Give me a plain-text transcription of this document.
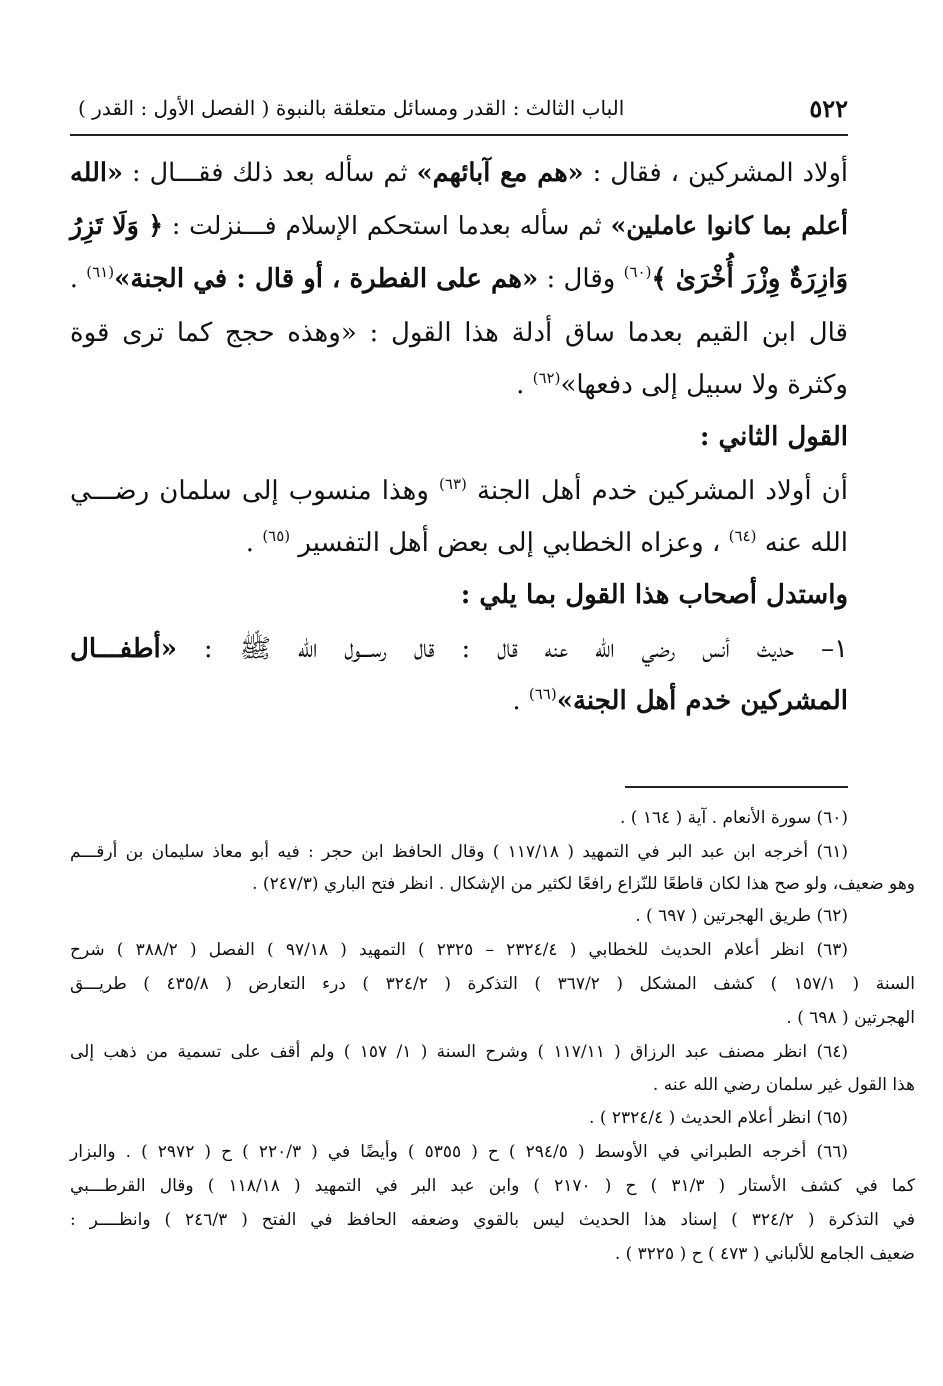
٥٢٢
الباب الثالث : القدر ومسائل متعلقة بالنبوة ( الفصل الأول : القدر )
أولاد المشركين ، فقال : «هم مع آبائهم» ثم سأله بعد ذلك فقـــال : «الله
أعلم بما كانوا عاملين» ثم سأله بعدما استحكم الإسلام فـــنزلت : ﴿ وَلَا تَزِرُ
وَازِرَةٌ وِزْرَ أُخْرَىٰ ﴾$^{(٦٠)}$ وقال : «هم على الفطرة ، أو قال : في الجنة»$^{(٦١)}$ .
قال ابن القيم بعدما ساق أدلة هذا القول : «وهذه حجج كما ترى قوة
وكثرة ولا سبيل إلى دفعها»$^{(٦٢)}$ .
القول الثاني :
أن أولاد المشركين خدم أهل الجنة $^{(٦٣)}$ وهذا منسوب إلى سلمان رضـــي
الله عنه $^{(٦٤)}$ ، وعزاه الخطابي إلى بعض أهل التفسير $^{(٦٥)}$ .
واستدل أصحاب هذا القول بما يلي :
١– حديث أنس رضي الله عنه قال : قال رســـول الله ﷺ : «أطفـــال
المشركين خدم أهل الجنة»$^{(٦٦)}$ .
(٦٠) سورة الأنعام . آية ( ١٦٤ ) .
(٦١) أخرجه ابن عبد البر في التمهيد ( ١١٧/١٨ ) وقال الحافظ ابن حجر : فيه أبو معاذ سليمان بن أرقـــم
وهو ضعيف، ولو صح هذا لكان قاطعًا للنّزاع رافعًا لكثير من الإشكال . انظر فتح الباري (٢٤٧/٣) .
(٦٢) طريق الهجرتين ( ٦٩٧ ) .
(٦٣) انظر أعلام الحديث للخطابي ( ٢٣٢٤/٤ – ٢٣٢٥ ) التمهيد ( ٩٧/١٨ ) الفصل ( ٣٨٨/٢ ) شرح
السنة ( ١٥٧/١ ) كشف المشكل ( ٣٦٧/٢ ) التذكرة ( ٣٢٤/٢ ) درء التعارض ( ٤٣٥/٨ ) طريـــق
الهجرتين ( ٦٩٨ ) .
(٦٤) انظر مصنف عبد الرزاق ( ١١٧/١١ ) وشرح السنة ( ١/ ١٥٧ ) ولم أقف على تسمية من ذهب إلى
هذا القول غير سلمان رضي الله عنه .
(٦٥) انظر أعلام الحديث ( ٢٣٢٤/٤ ) .
(٦٦) أخرجه الطبراني في الأوسط ( ٢٩٤/٥ ) ح ( ٥٣٥٥ ) وأيضًا في ( ٢٢٠/٣ ) ح ( ٢٩٧٢ ) . والبزار
كما في كشف الأستار ( ٣١/٣ ) ح ( ٢١٧٠ ) وابن عبد البر في التمهيد ( ١١٨/١٨ ) وقال القرطـــبي
في التذكرة ( ٣٢٤/٢ ) إسناد هذا الحديث ليس بالقوي وضعفه الحافظ في الفتح ( ٢٤٦/٣ ) وانظــــر :
ضعيف الجامع للألباني ( ٤٧٣ ) ح ( ٣٢٢٥ ) .
